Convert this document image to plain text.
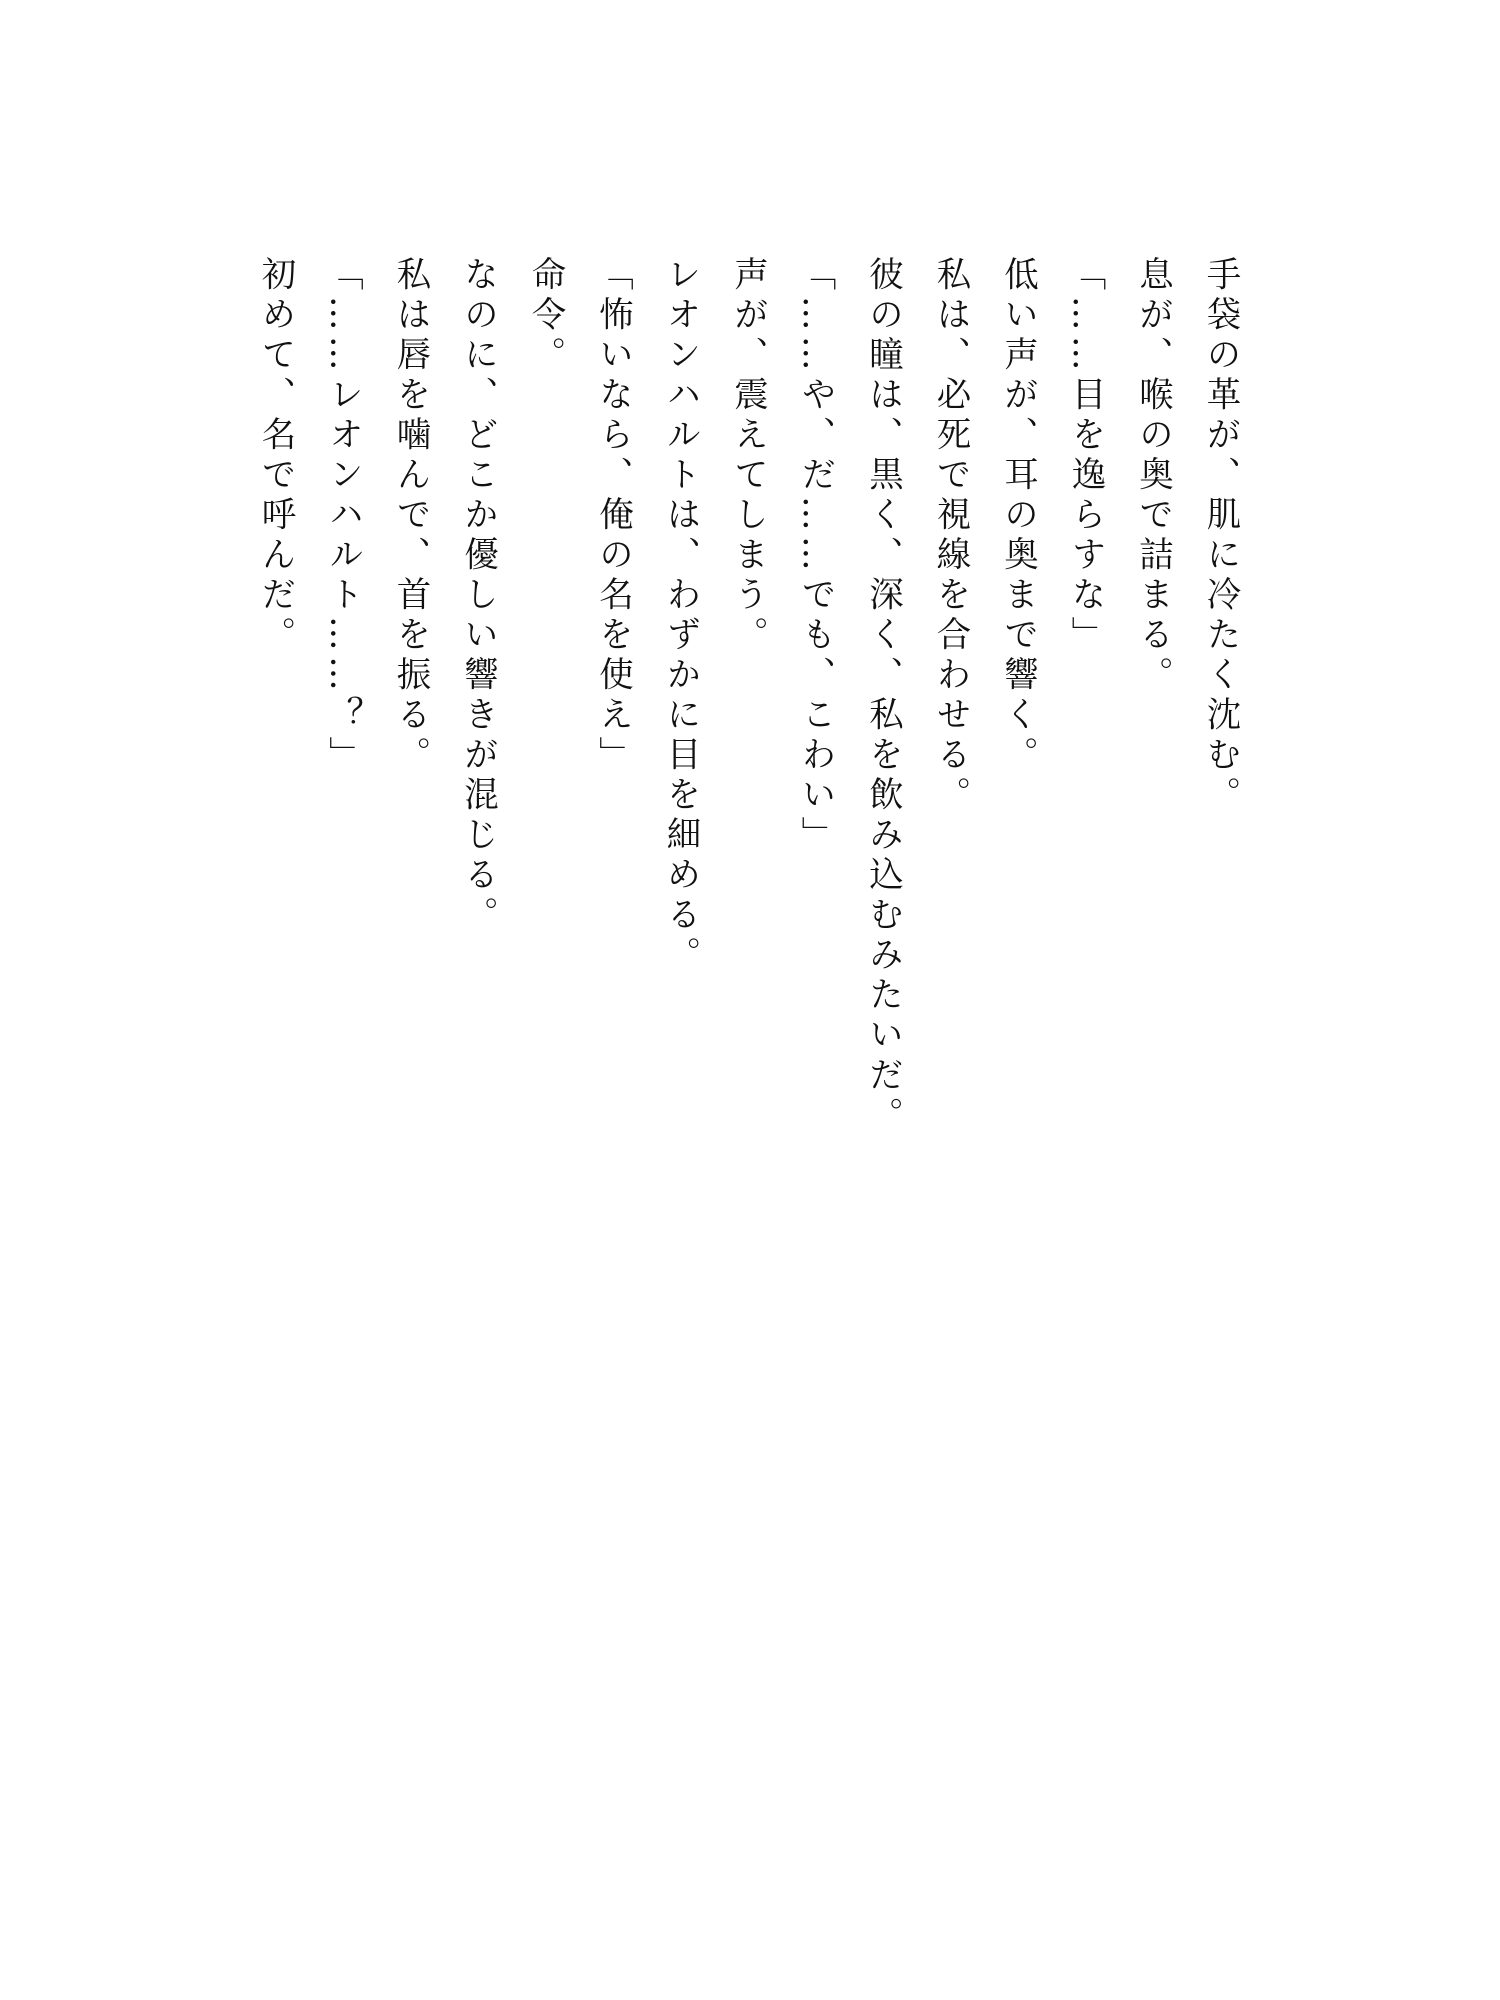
手袋の革が、肌に冷たく沈む。

息が、喉の奥で詰まる。

「……目を逸らすな」

低い声が、耳の奥まで響く。

私は、必死で視線を合わせる。

彼の瞳は、黒く、深く、私を飲み込むみたいだ。

「……や、だ……でも、こわい」

声が、震えてしまう。

レオンハルトは、わずかに目を細める。

「怖いなら、俺の名を使え」

命令。

なのに、どこか優しい響きが混じる。

私は唇を噛んで、首を振る。

「……レオンハルト……？」

初めて、名で呼んだ。
